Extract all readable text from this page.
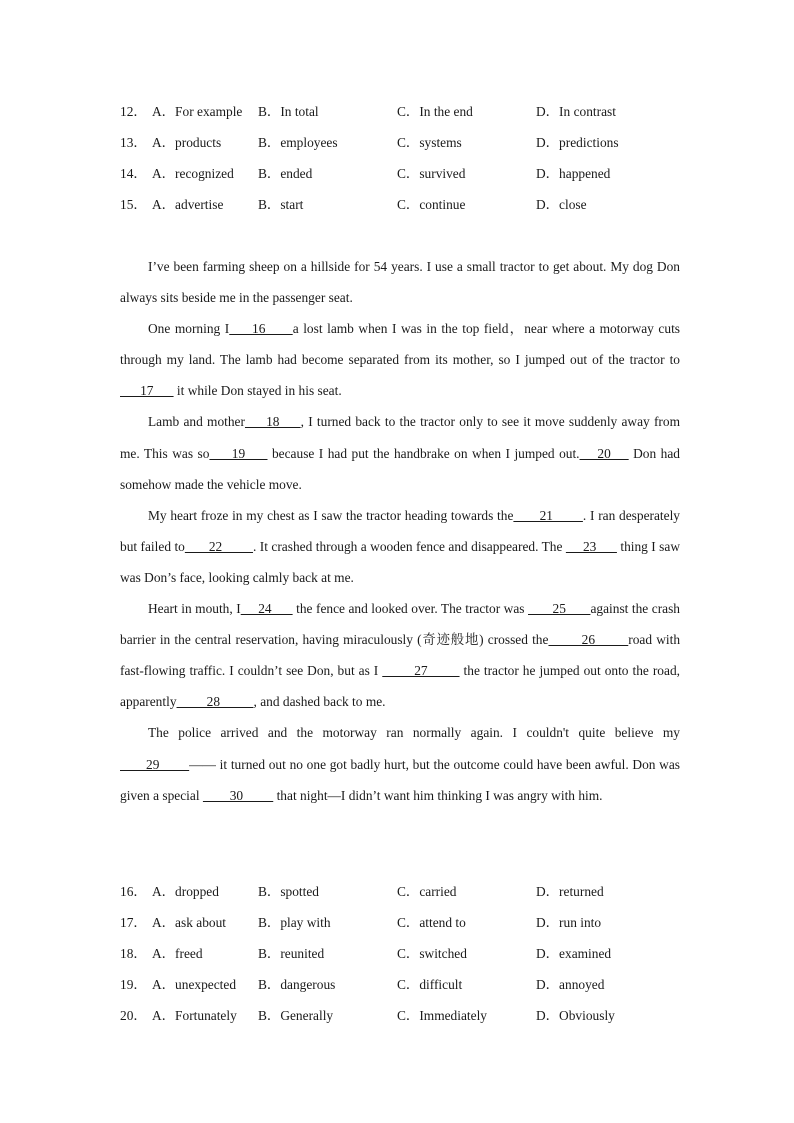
12． A．For example B．In total	C．In the end	D．In contrast
13． A．products	B．employees	C．systems	D．predictions
14． A．recognized B．ended	C．survived	D．happened
15． A．advertise	B．start	C．continue	D．close

I’ve been farming sheep on a hillside for 54 years. I use a small tractor to get about. My dog Don always sits beside me in the passenger seat.

One morning I     16      a lost lamb when I was in the top field，near where a motorway cuts through my land. The lamb had become separated from its mother, so I jumped out of the tractor to      17       it while Don stayed in his seat.

Lamb and mother     18     , I turned back to the tractor only to see it move suddenly away from me. This was so     19      because I had put the handbrake on when I jumped out.    20     Don had somehow made the vehicle move.

My heart froze in my chest as I saw the tractor heading towards the       21        . I ran desperately but failed to       22         . It crashed through a wooden fence and disappeared. The      23       thing I saw was Don’s face, looking calmly back at me.

Heart in mouth, I     24       the fence and looked over. The tractor was        25       against the crash barrier in the central reservation, having miraculously (奇迹般地) crossed the        26        road with fast-flowing traffic. I couldn’t see Don, but as I         27         the tractor he jumped out onto the road, apparently         28          , and dashed back to me.

The police arrived and the motorway ran normally again. I couldn't quite believe my        29        —— it turned out no one got badly hurt, but the outcome could have been awful. Don was given a special         30          that night—I didn’t want him thinking I was angry with him.

16． A．dropped	B．spotted	C．carried	D．returned
17． A．ask about B．play with	C．attend to	D．run into
18． A．freed	B．reunited	C．switched	D．examined
19． A．unexpected B．dangerous	C．difficult	D．annoyed
20． A．Fortunately B．Generally	C．Immediately	D．Obviously
